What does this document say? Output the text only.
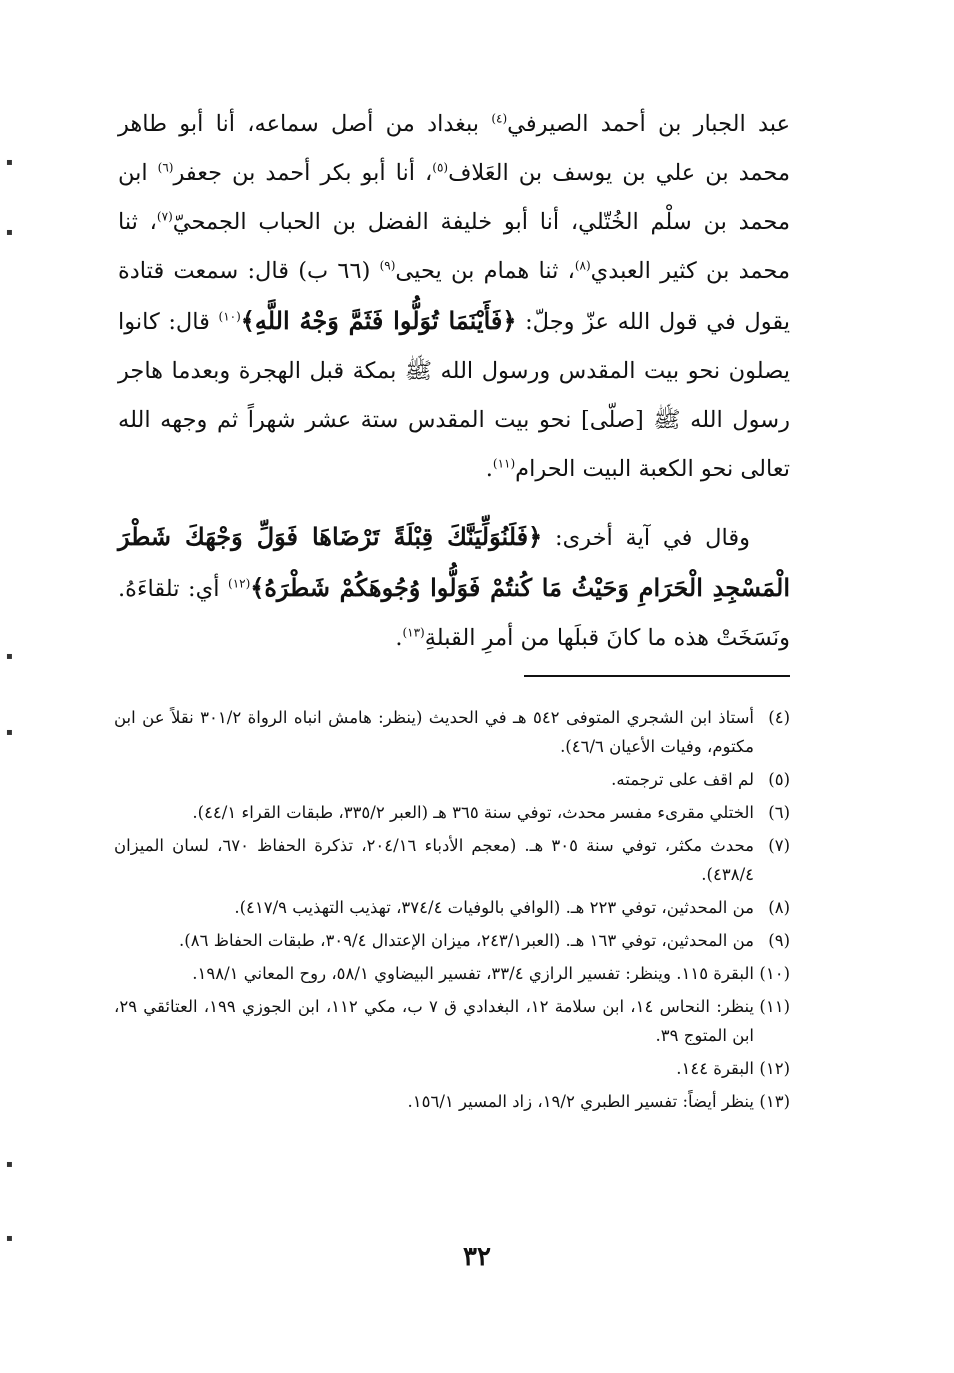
عبد الجبار بن أحمد الصيرفي$^{(٤)}$ ببغداد من أصل سماعه، أنا أبو طاهر محمد بن علي بن يوسف بن العَلاف$^{(٥)}$، أنا أبو بكر أحمد بن جعفر$^{(٦)}$ ابن محمد بن سلْم الخُتّلي، أنا أبو خليفة الفضل بن الحباب الجمحيّ$^{(٧)}$، ثنا محمد بن كثير العبدي$^{(٨)}$، ثنا همام بن يحيى$^{(٩)}$ (٦٦ ب) قال: سمعت قتادة يقول في قول الله عزّ وجلّ: ﴿فَأَيْنَمَا تُوَلُّوا فَثَمَّ وَجْهُ اللَّهِ﴾$^{(١٠)}$ قال: كانوا يصلون نحو بيت المقدس ورسول الله ﷺ بمكة قبل الهجرة وبعدما هاجر رسول الله ﷺ [صلّى] نحو بيت المقدس ستة عشر شهراً ثم وجهه الله تعالى نحو الكعبة البيت الحرام$^{(١١)}$.

وقال في آية أخرى: ﴿فَلَنُوَلِّيَنَّكَ قِبْلَةً تَرْضَاهَا فَوَلِّ وَجْهَكَ شَطْرَ الْمَسْجِدِ الْحَرَامِ وَحَيْثُ مَا كُنتُمْ فَوَلُّوا وُجُوهَكُمْ شَطْرَهُ﴾$^{(١٢)}$ أي: تلقاءَهُ. ونَسَخَتْ هذه ما كانَ قبلَها من أمرِ القبلةِ$^{(١٣)}$.

(٤)
أستاذ ابن الشجري المتوفى ٥٤٢ هـ في الحديث (ينظر: هامش انباه الرواة ٣٠١/٢ نقلاً عن ابن مكتوم، وفيات الأعيان ٤٦/٦).
(٥)
لم اقف على ترجمته.
(٦)
الختلي مقرىء مفسر محدث، توفي سنة ٣٦٥ هـ (العبر ٣٣٥/٢، طبقات القراء ٤٤/١).
(٧)
محدث مكثر، توفي سنة ٣٠٥ هـ. (معجم الأدباء ٢٠٤/١٦، تذكرة الحفاظ ٦٧٠، لسان الميزان ٤٣٨/٤).
(٨)
من المحدثين، توفي ٢٢٣ هـ. (الوافي بالوفيات ٣٧٤/٤، تهذيب التهذيب ٤١٧/٩).
(٩)
من المحدثين، توفي ١٦٣ هـ. (العبر٢٤٣/١، ميزان الإعتدال ٣٠٩/٤، طبقات الحفاظ ٨٦).
(١٠)
البقرة ١١٥. وينظر: تفسير الرازي ٣٣/٤، تفسير البيضاوي ٥٨/١، روح المعاني ١٩٨/١.
(١١)
ينظر: النحاس ١٤، ابن سلامة ١٢، البغدادي ق ٧ ب، مكي ١١٢، ابن الجوزي ١٩٩، العتائقي ٢٩، ابن المتوج ٣٩.
(١٢)
البقرة ١٤٤.
(١٣)
ينظر أيضاً: تفسير الطبري ١٩/٢، زاد المسير ١٥٦/١.
٣٢
▪
▪
▪
▪
▪
▪
